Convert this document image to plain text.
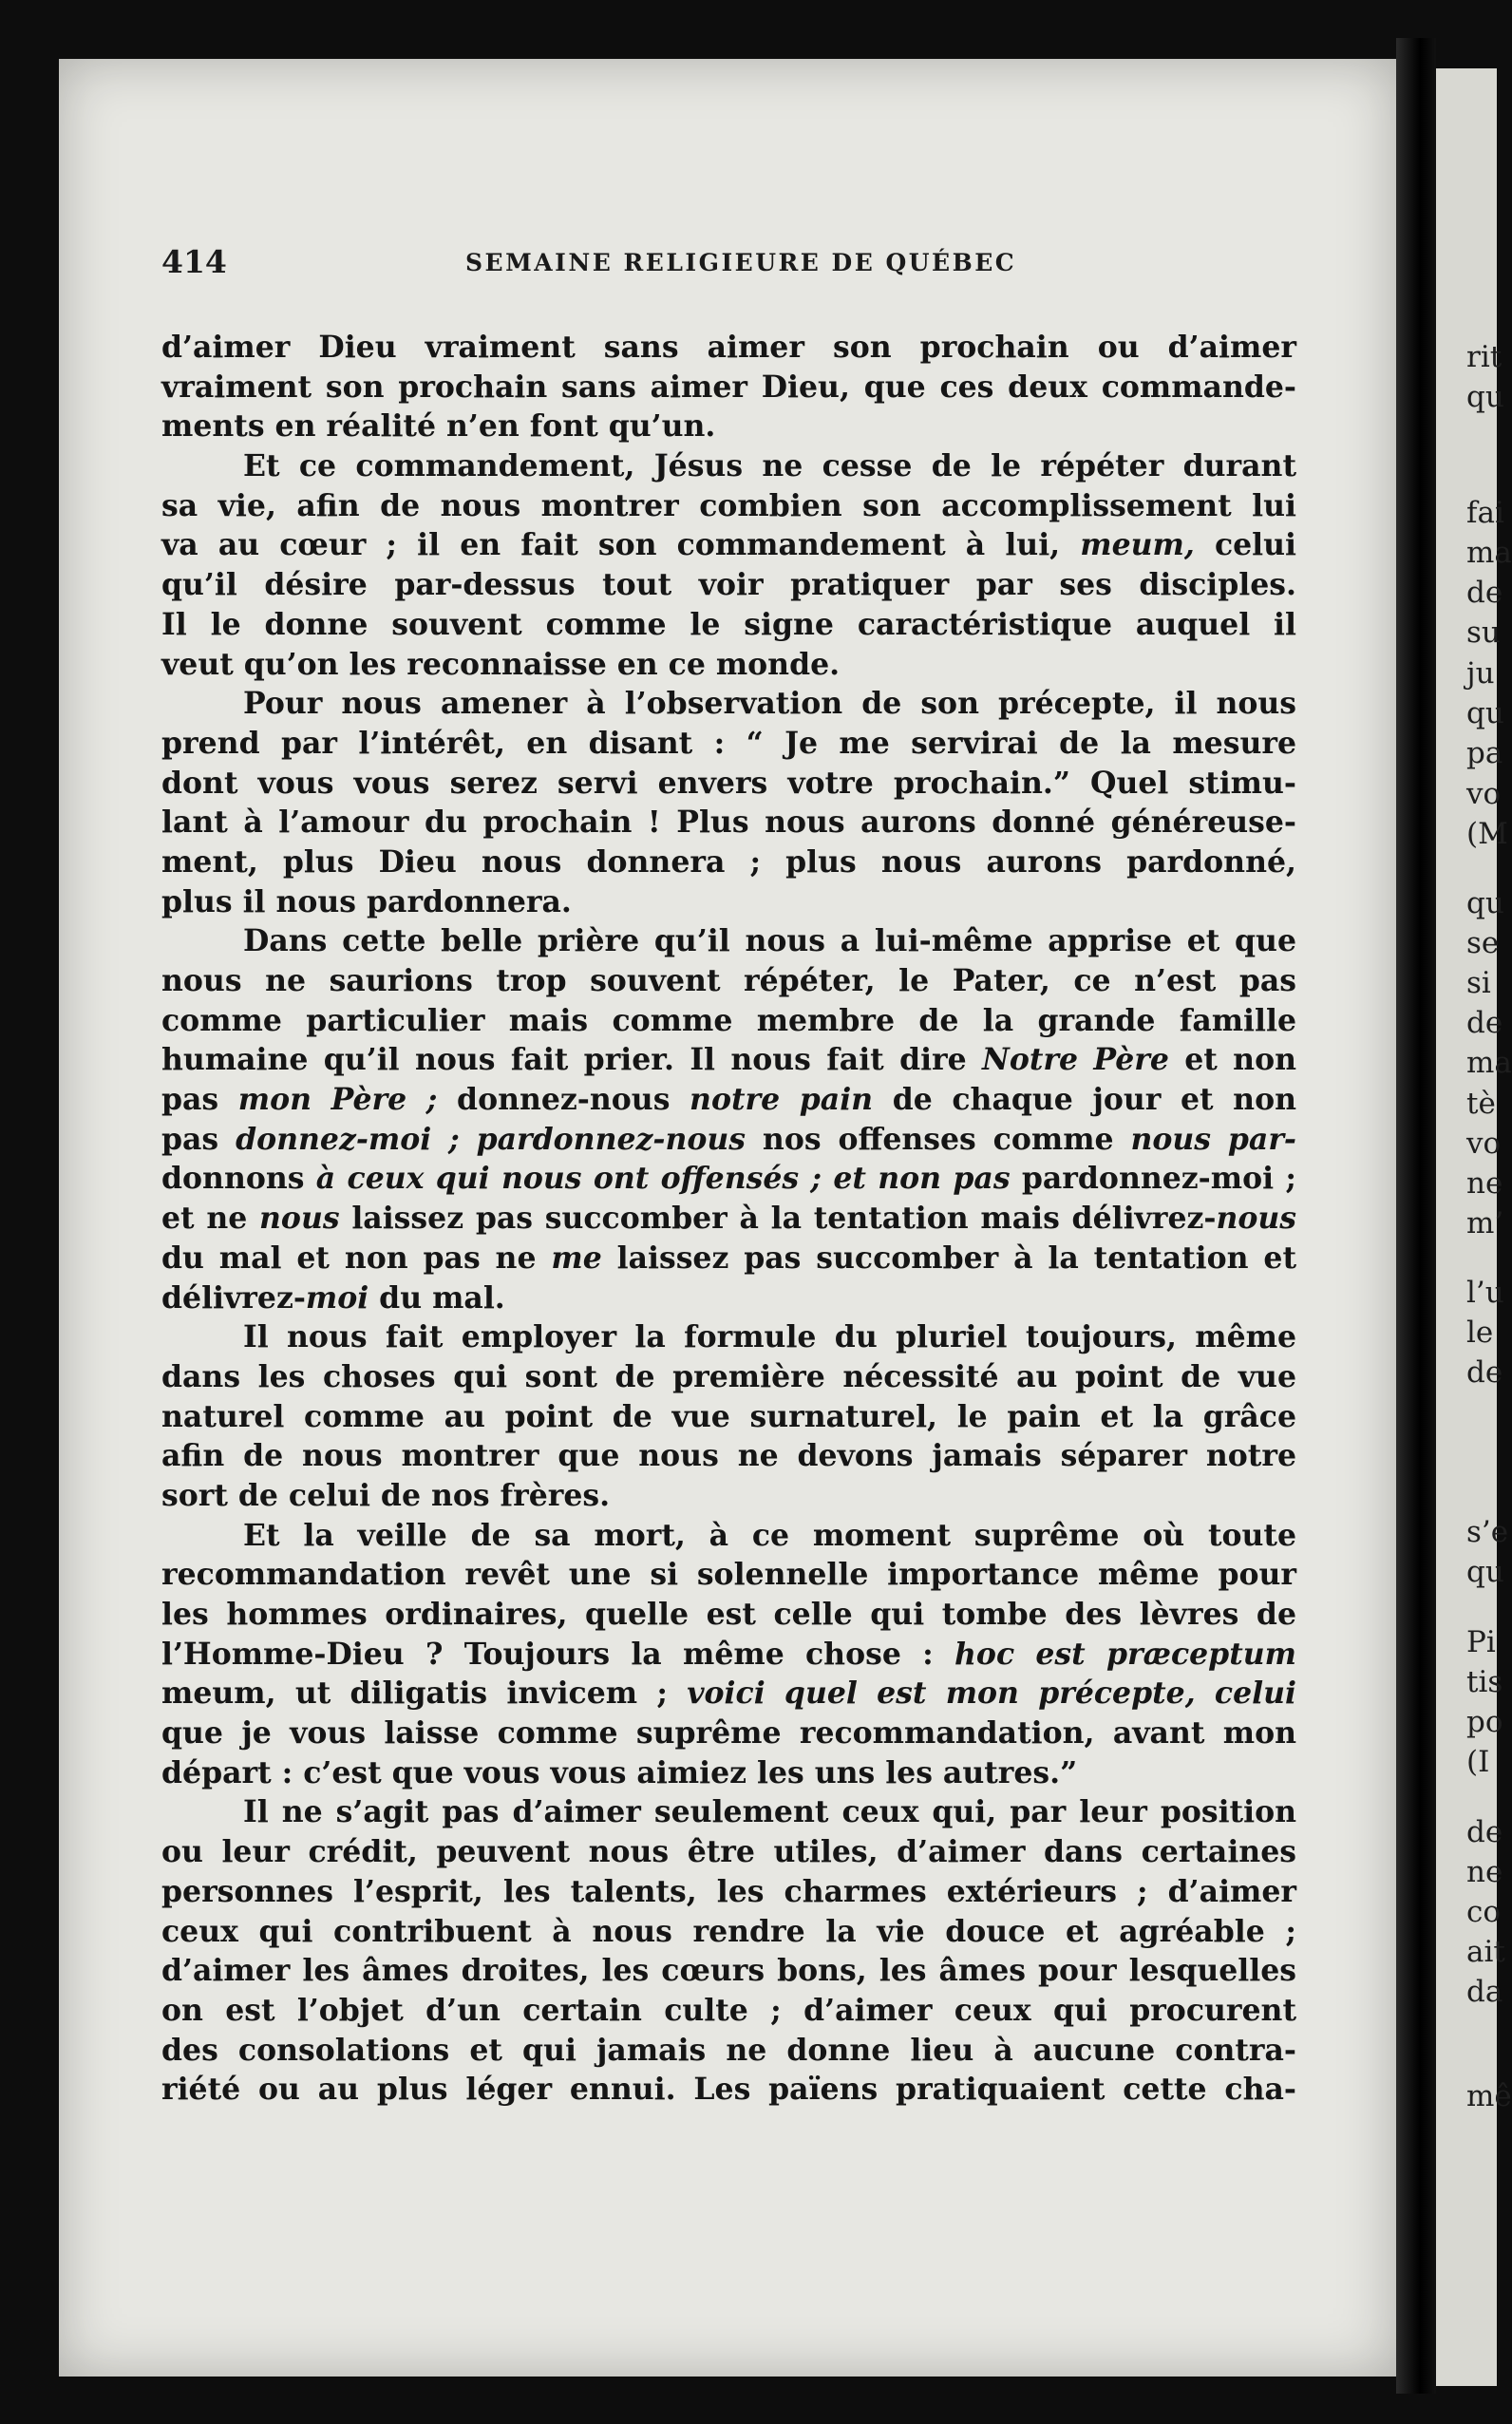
rit
qu
fai
ma
de
su
ju
qu
pa
vo
(M
qu
se
si
de
ma
tè
vo
ne
m’
l’u
le
de
s’e
qu
Pi
tis
po
(I
de
ne
co
ait
da
mê
414	SEMAINE RELIGIEURE DE QUÉBEC
d’aimer Dieu vraiment sans aimer son prochain ou d’aimer
vraiment son prochain sans aimer Dieu, que ces deux commande-
ments en réalité n’en font qu’un.
Et ce commandement, Jésus ne cesse de le répéter durant
sa vie, afin de nous montrer combien son accomplissement lui
va au cœur ; il en fait son commandement à lui, meum, celui
qu’il désire par-dessus tout voir pratiquer par ses disciples.
Il le donne souvent comme le signe caractéristique auquel il
veut qu’on les reconnaisse en ce monde.
Pour nous amener à l’observation de son précepte, il nous
prend par l’intérêt, en disant : “ Je me servirai de la mesure
dont vous vous serez servi envers votre prochain.” Quel stimu-
lant à l’amour du prochain ! Plus nous aurons donné généreuse-
ment, plus Dieu nous donnera ; plus nous aurons pardonné,
plus il nous pardonnera.
Dans cette belle prière qu’il nous a lui-même apprise et que
nous ne saurions trop souvent répéter, le Pater, ce n’est pas
comme particulier mais comme membre de la grande famille
humaine qu’il nous fait prier. Il nous fait dire Notre Père et non
pas mon Père ; donnez-nous notre pain de chaque jour et non
pas donnez-moi ; pardonnez-nous nos offenses comme nous par-
donnons à ceux qui nous ont offensés ; et non pas pardonnez-moi ;
et ne nous laissez pas succomber à la tentation mais délivrez-nous
du mal et non pas ne me laissez pas succomber à la tentation et
délivrez-moi du mal.
Il nous fait employer la formule du pluriel toujours, même
dans les choses qui sont de première nécessité au point de vue
naturel comme au point de vue surnaturel, le pain et la grâce
afin de nous montrer que nous ne devons jamais séparer notre
sort de celui de nos frères.
Et la veille de sa mort, à ce moment suprême où toute
recommandation revêt une si solennelle importance même pour
les hommes ordinaires, quelle est celle qui tombe des lèvres de
l’Homme-Dieu ? Toujours la même chose : hoc est præceptum
meum, ut diligatis invicem ; voici quel est mon précepte, celui
que je vous laisse comme suprême recommandation, avant mon
départ : c’est que vous vous aimiez les uns les autres.”
Il ne s’agit pas d’aimer seulement ceux qui, par leur position
ou leur crédit, peuvent nous être utiles, d’aimer dans certaines
personnes l’esprit, les talents, les charmes extérieurs ; d’aimer
ceux qui contribuent à nous rendre la vie douce et agréable ;
d’aimer les âmes droites, les cœurs bons, les âmes pour lesquelles
on est l’objet d’un certain culte ; d’aimer ceux qui procurent
des consolations et qui jamais ne donne lieu à aucune contra-
riété ou au plus léger ennui. Les païens pratiquaient cette cha-
